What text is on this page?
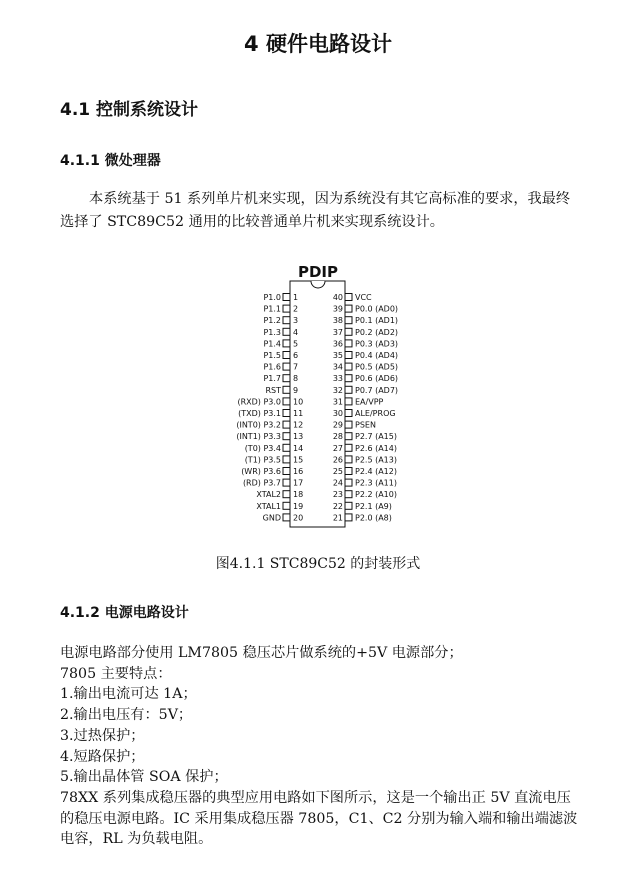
4 硬件电路设计
4.1 控制系统设计
4.1.1 微处理器
本系统基于 51 系列单片机来实现，因为系统没有其它高标准的要求，我最终选择了 STC89C52 通用的比较普通单片机来实现系统设计。
PDIP
P1.0 1
P1.1 2
P1.2 3
P1.3 4
P1.4 5
P1.5 6
P1.6 7
P1.7 8
RST 9
(RXD) P3.0 10
(TXD) P3.1 11
(INT0) P3.2 12
(INT1) P3.3 13
(T0) P3.4 14
(T1) P3.5 15
(WR) P3.6 16
(RD) P3.7 17
XTAL2 18
XTAL1 19
GND 20
40 VCC
39 P0.0 (AD0)
38 P0.1 (AD1)
37 P0.2 (AD2)
36 P0.3 (AD3)
35 P0.4 (AD4)
34 P0.5 (AD5)
33 P0.6 (AD6)
32 P0.7 (AD7)
31 EA/VPP
30 ALE/PROG
29 PSEN
28 P2.7 (A15)
27 P2.6 (A14)
26 P2.5 (A13)
25 P2.4 (A12)
24 P2.3 (A11)
23 P2.2 (A10)
22 P2.1 (A9)
21 P2.0 (A8)
图4.1.1 STC89C52 的封装形式
4.1.2 电源电路设计
电源电路部分使用 LM7805 稳压芯片做系统的+5V 电源部分；
7805 主要特点：
1.输出电流可达 1A；
2.输出电压有：5V；
3.过热保护；
4.短路保护；
5.输出晶体管 SOA 保护；
78XX 系列集成稳压器的典型应用电路如下图所示，这是一个输出正 5V 直流电压的稳压电源电路。IC 采用集成稳压器 7805，C1、C2 分别为输入端和输出端滤波电容，RL 为负载电阻。
